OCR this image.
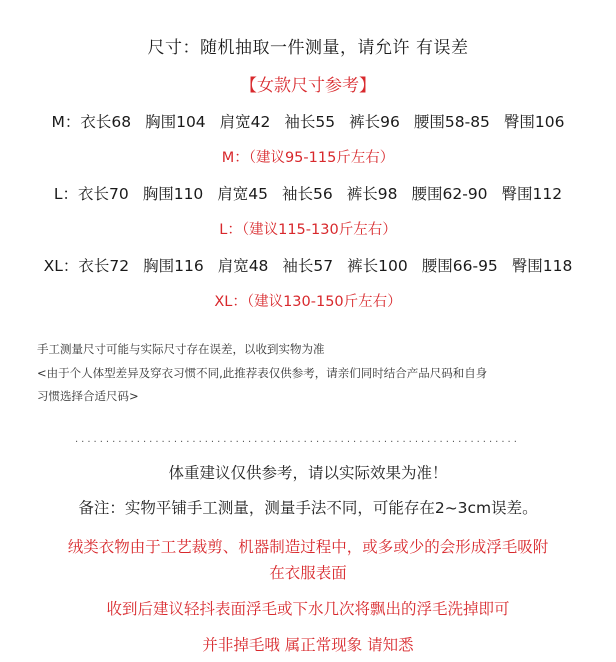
尺寸：随机抽取一件测量，请允许 有误差
【女款尺寸参考】
M：衣长68 胸围104 肩宽42 袖长55 裤长96 腰围58-85 臀围106
M：（建议95-115斤左右）
L：衣长70 胸围110 肩宽45 袖长56 裤长98 腰围62-90 臀围112
L：（建议115-130斤左右）
XL：衣长72 胸围116 肩宽48 袖长57 裤长100 腰围66-95 臀围118
XL：（建议130-150斤左右）
手工测量尺寸可能与实际尺寸存在误差，以收到实物为准
<由于个人体型差异及穿衣习惯不同,此推荐表仅供参考，请亲们同时结合产品尺码和自身
习惯选择合适尺码>
........................................................................
体重建议仅供参考，请以实际效果为准！
备注：实物平铺手工测量，测量手法不同，可能存在2~3cm误差。
绒类衣物由于工艺裁剪、机器制造过程中，或多或少的会形成浮毛吸附
在衣服表面
收到后建议轻抖表面浮毛或下水几次将飘出的浮毛洗掉即可
并非掉毛哦 属正常现象 请知悉
